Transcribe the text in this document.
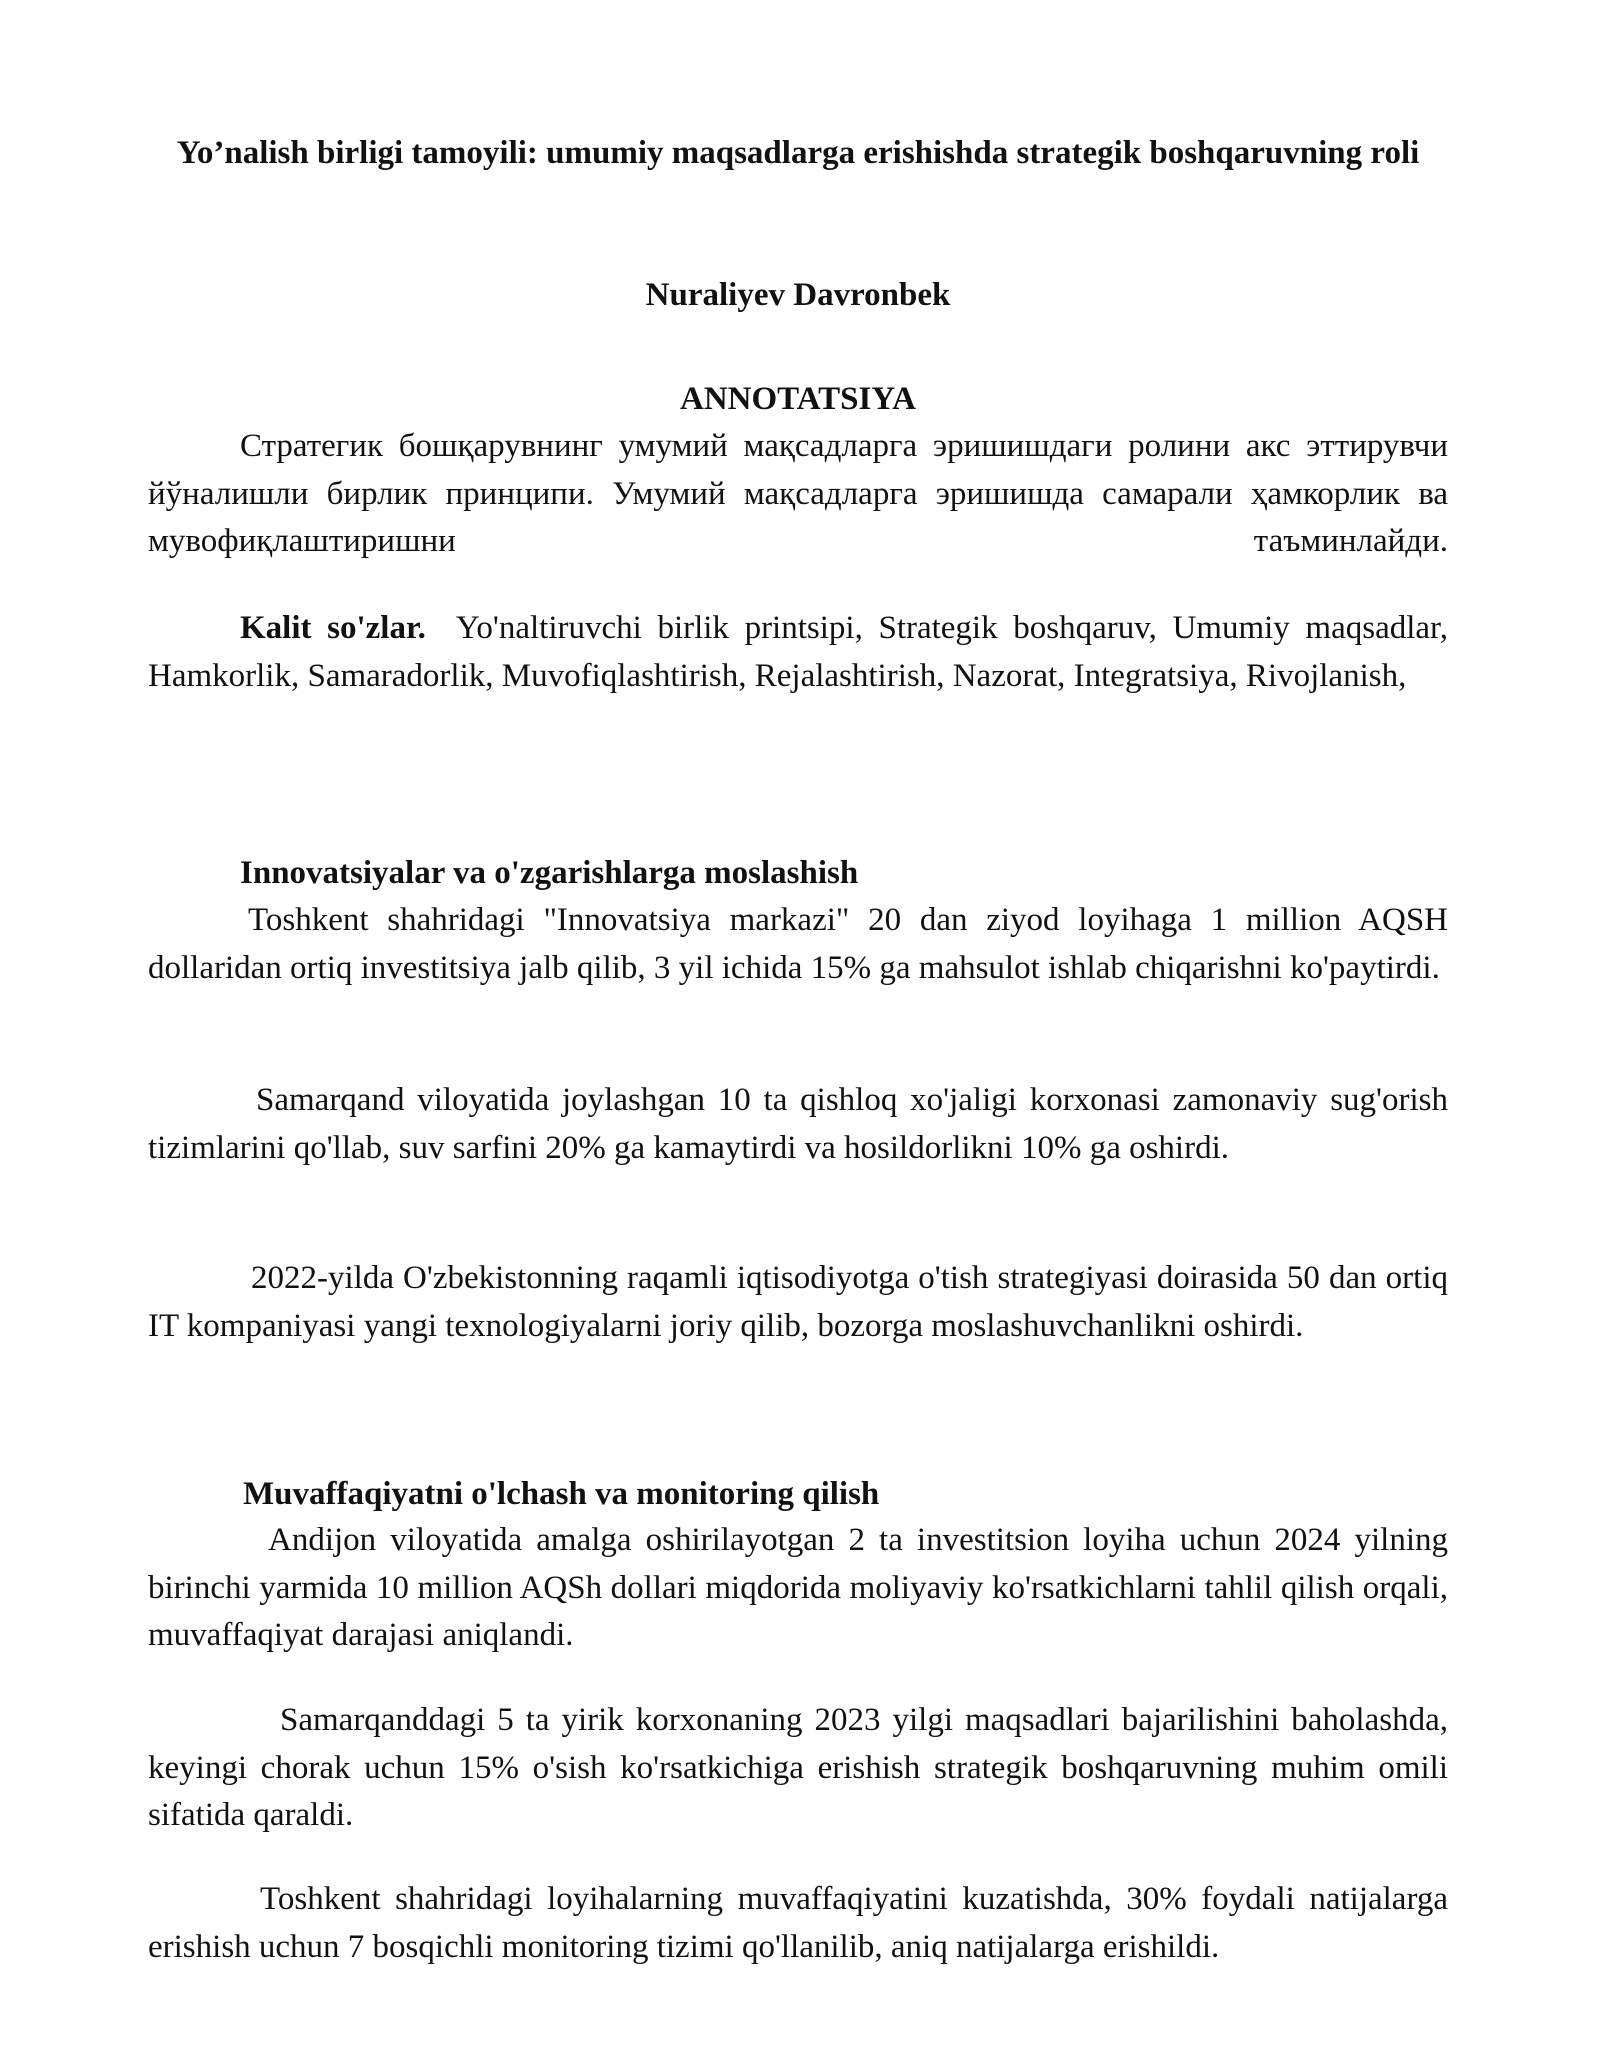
Yo’nalish birligi tamoyili: umumiy maqsadlarga erishishda strategik boshqaruvning roli

Nuraliyev Davronbek

ANNOTATSIYA

Стратегик бошқарувнинг умумий мақсадларга эришишдаги ролини акс эттирувчи йўналишли бирлик принципи. Умумий мақсадларга эришишда самарали ҳамкорлик ва мувофиқлаштиришни таъминлайди.

Kalit so'zlar. Yo'naltiruvchi birlik printsipi, Strategik boshqaruv, Umumiy maqsadlar, Hamkorlik, Samaradorlik, Muvofiqlashtirish, Rejalashtirish, Nazorat, Integratsiya, Rivojlanish,

Innovatsiyalar va o'zgarishlarga moslashish

Toshkent shahridagi "Innovatsiya markazi" 20 dan ziyod loyihaga 1 million AQSH dollaridan ortiq investitsiya jalb qilib, 3 yil ichida 15% ga mahsulot ishlab chiqarishni ko'paytirdi.

Samarqand viloyatida joylashgan 10 ta qishloq xo'jaligi korxonasi zamonaviy sug'orish tizimlarini qo'llab, suv sarfini 20% ga kamaytirdi va hosildorlikni 10% ga oshirdi.

2022-yilda O'zbekistonning raqamli iqtisodiyotga o'tish strategiyasi doirasida 50 dan ortiq IT kompaniyasi yangi texnologiyalarni joriy qilib, bozorga moslashuvchanlikni oshirdi.

Muvaffaqiyatni o'lchash va monitoring qilish

Andijon viloyatida amalga oshirilayotgan 2 ta investitsion loyiha uchun 2024 yilning birinchi yarmida 10 million AQSh dollari miqdorida moliyaviy ko'rsatkichlarni tahlil qilish orqali, muvaffaqiyat darajasi aniqlandi.

Samarqanddagi 5 ta yirik korxonaning 2023 yilgi maqsadlari bajarilishini baholashda, keyingi chorak uchun 15% o'sish ko'rsatkichiga erishish strategik boshqaruvning muhim omili sifatida qaraldi.

Toshkent shahridagi loyihalarning muvaffaqiyatini kuzatishda, 30% foydali natijalarga erishish uchun 7 bosqichli monitoring tizimi qo'llanilib, aniq natijalarga erishildi.
